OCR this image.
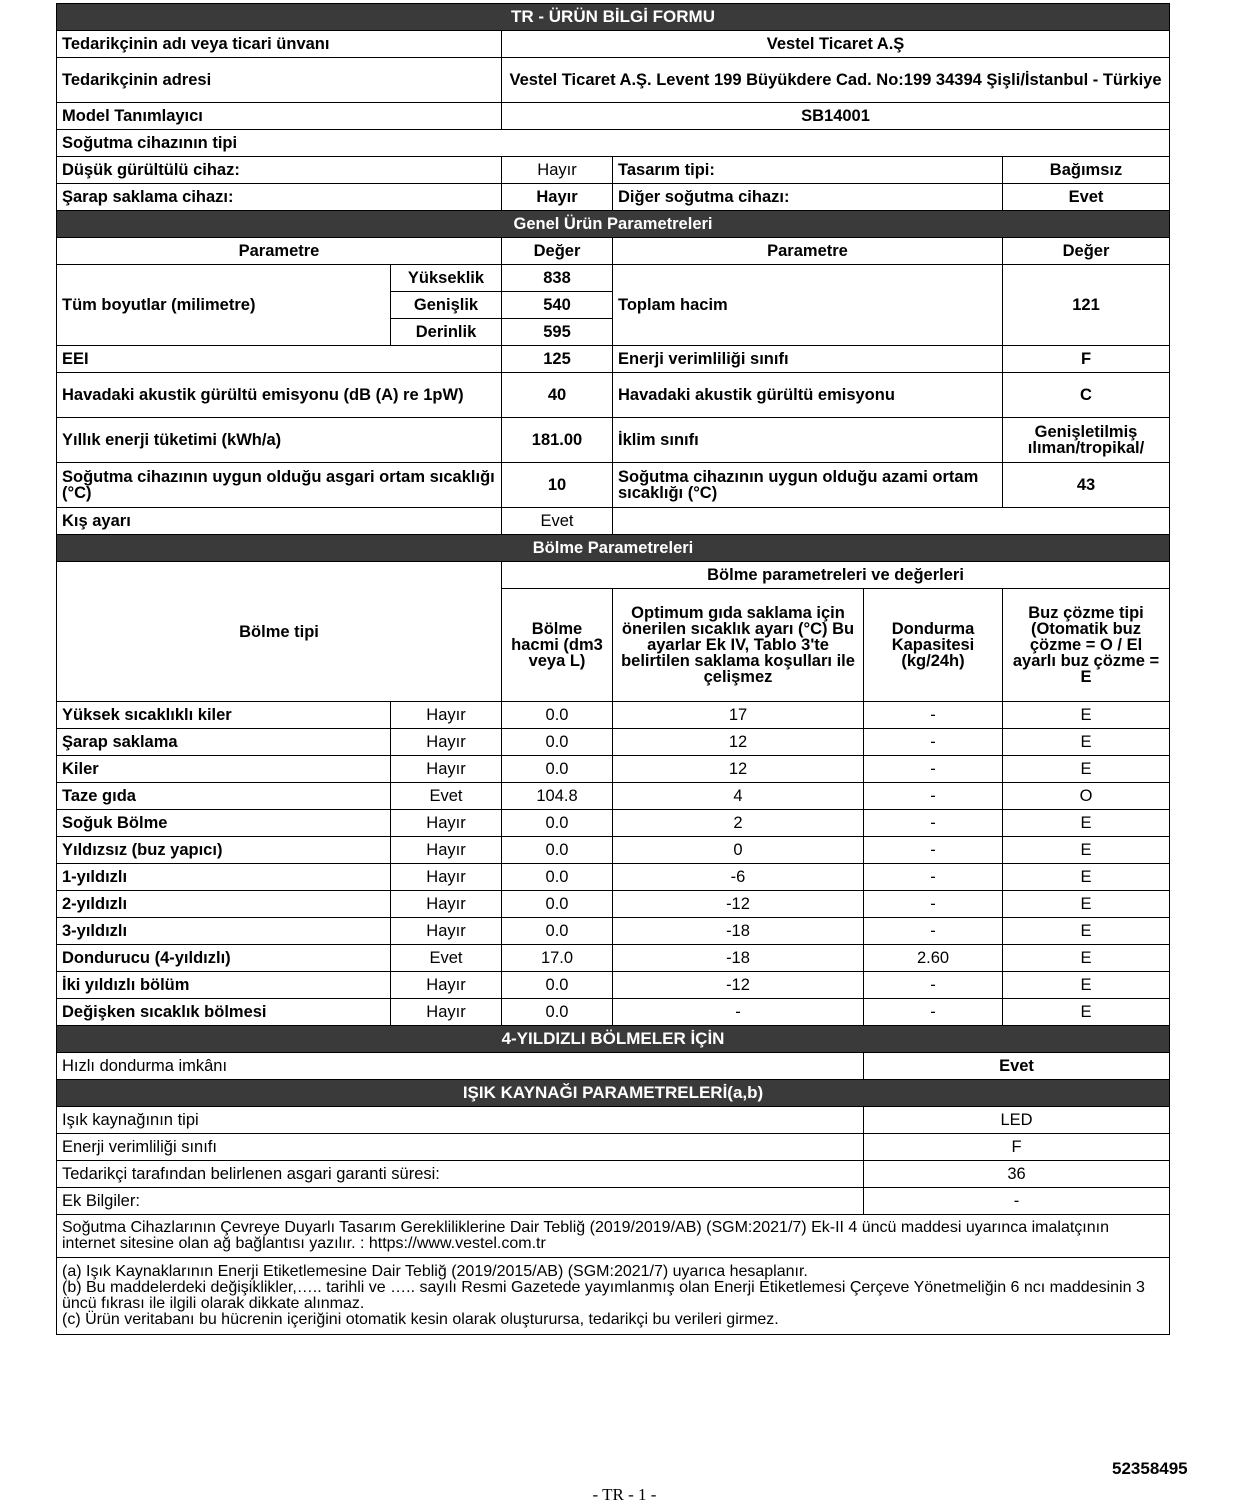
TR - ÜRÜN BİLGİ FORMU					
Tedarikçinin adı veya ticari ünvanı		Vestel Ticaret A.Ş			
Tedarikçinin adresi		Vestel Ticaret A.Ş. Levent 199 Büyükdere Cad. No:199 34394 Şişli/İstanbul - Türkiye			
Model Tanımlayıcı		SB14001			
Soğutma cihazının tipi					
Düşük gürültülü cihaz:		Hayır	Tasarım tipi:		Bağımsız
Şarap saklama cihazı:		Hayır	Diğer soğutma cihazı:		Evet
Genel Ürün Parametreleri					
Parametre		Değer	Parametre		Değer
Tüm boyutlar (milimetre)	Yükseklik	838	Toplam hacim		121
	Genişlik	540			
	Derinlik	595			
EEI		125	Enerji verimliliği sınıfı		F
Havadaki akustik gürültü emisyonu (dB (A) re 1pW)		40	Havadaki akustik gürültü emisyonu		C
Yıllık enerji tüketimi (kWh/a)		181.00	İklim sınıfı		Genişletilmiş ılıman/tropikal/
Soğutma cihazının uygun olduğu asgari ortam sıcaklığı (°C)		10	Soğutma cihazının uygun olduğu azami ortam sıcaklığı (°C)		43
Kış ayarı		Evet			
Bölme Parametreleri					
Bölme tipi		Bölme parametreleri ve değerleri			
		Bölme hacmi (dm3 veya L)	Optimum gıda saklama için önerilen sıcaklık ayarı (°C) Bu ayarlar Ek IV, Tablo 3'te belirtilen saklama koşulları ile çelişmez	Dondurma Kapasitesi (kg/24h)	Buz çözme tipi (Otomatik buz çözme = O / El ayarlı buz çözme = E
Yüksek sıcaklıklı kiler	Hayır	0.0	17	-	E
Şarap saklama	Hayır	0.0	12	-	E
Kiler	Hayır	0.0	12	-	E
Taze gıda	Evet	104.8	4	-	O
Soğuk Bölme	Hayır	0.0	2	-	E
Yıldızsız (buz yapıcı)	Hayır	0.0	0	-	E
1-yıldızlı	Hayır	0.0	-6	-	E
2-yıldızlı	Hayır	0.0	-12	-	E
3-yıldızlı	Hayır	0.0	-18	-	E
Dondurucu (4-yıldızlı)	Evet	17.0	-18	2.60	E
İki yıldızlı bölüm	Hayır	0.0	-12	-	E
Değişken sıcaklık bölmesi	Hayır	0.0	-	-	E
4-YILDIZLI BÖLMELER İÇİN					
Hızlı dondurma imkânı				Evet	
IŞIK KAYNAĞI PARAMETRELERİ(a,b)					
Işık kaynağının tipi				LED	
Enerji verimliliği sınıfı				F	
Tedarikçi tarafından belirlenen asgari garanti süresi:				36	
Ek Bilgiler:				-	
Soğutma Cihazlarının Çevreye Duyarlı Tasarım Gerekliliklerine Dair Tebliğ (2019/2019/AB) (SGM:2021/7) Ek-II 4 üncü maddesi uyarınca imalatçının internet sitesine olan ağ bağlantısı yazılır. : https://www.vestel.com.tr					

(a) Işık Kaynaklarının Enerji Etiketlemesine Dair Tebliğ (2019/2015/AB) (SGM:2021/7) uyarıca hesaplanır.
(b) Bu maddelerdeki değişiklikler,….. tarihli ve ….. sayılı Resmi Gazetede yayımlanmış olan Enerji Etiketlemesi Çerçeve Yönetmeliğin 6 ncı maddesinin 3 üncü fıkrası ile ilgili olarak dikkate alınmaz.
(c) Ürün veritabanı bu hücrenin içeriğini otomatik kesin olarak oluşturursa, tedarikçi bu verileri girmez.					
52358495
- TR - 1 -
